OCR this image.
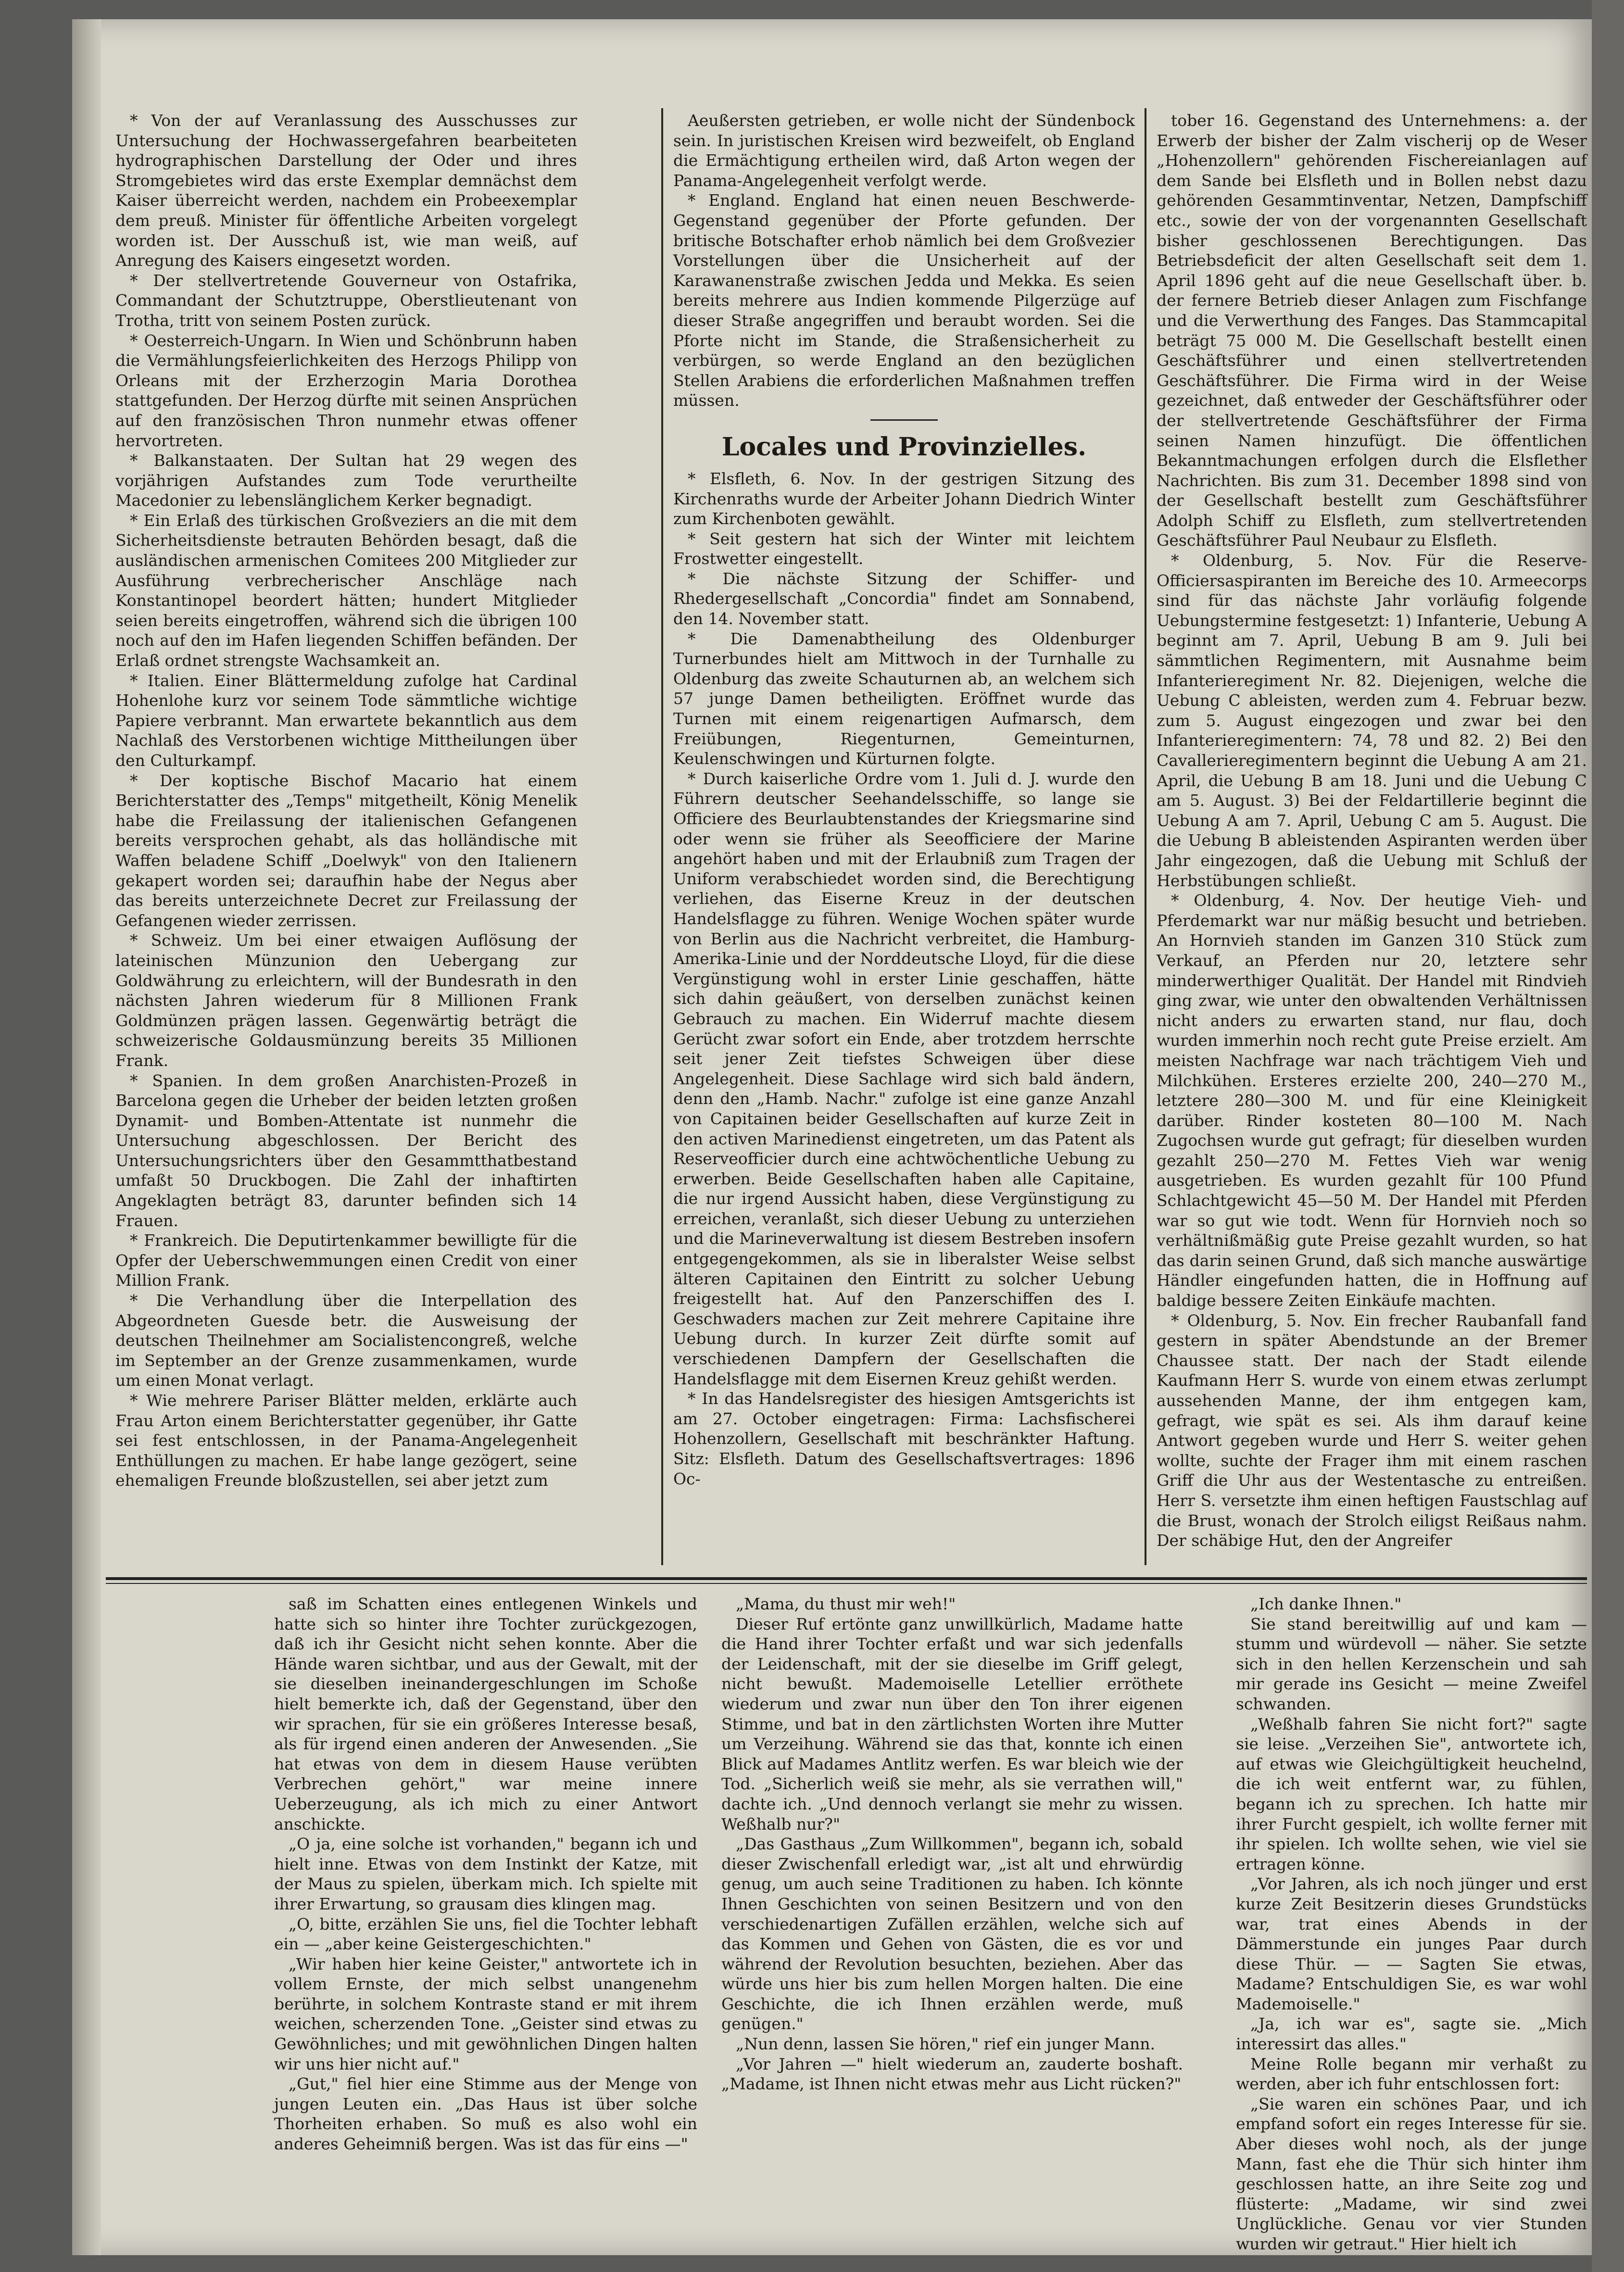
* Von der auf Veranlassung des Ausschusses zur Untersuchung der Hochwassergefahren bearbeiteten hydrographischen Darstellung der Oder und ihres Stromgebietes wird das erste Exemplar demnächst dem Kaiser überreicht werden, nachdem ein Probeexemplar dem preuß. Minister für öffentliche Arbeiten vorgelegt worden ist. Der Ausschuß ist, wie man weiß, auf Anregung des Kaisers eingesetzt worden.

* Der stellvertretende Gouverneur von Ostafrika, Commandant der Schutztruppe, Oberstlieutenant von Trotha, tritt von seinem Posten zurück.

* Oesterreich-Ungarn. In Wien und Schönbrunn haben die Vermählungsfeierlichkeiten des Herzogs Philipp von Orleans mit der Erzherzogin Maria Dorothea stattgefunden. Der Herzog dürfte mit seinen Ansprüchen auf den französischen Thron nunmehr etwas offener hervortreten.

* Balkanstaaten. Der Sultan hat 29 wegen des vorjährigen Aufstandes zum Tode verurtheilte Macedonier zu lebenslänglichem Kerker begnadigt.

* Ein Erlaß des türkischen Großveziers an die mit dem Sicherheitsdienste betrauten Behörden besagt, daß die ausländischen armenischen Comitees 200 Mitglieder zur Ausführung verbrecherischer Anschläge nach Konstantinopel beordert hätten; hundert Mitglieder seien bereits eingetroffen, während sich die übrigen 100 noch auf den im Hafen liegenden Schiffen befänden. Der Erlaß ordnet strengste Wachsamkeit an.

* Italien. Einer Blättermeldung zufolge hat Cardinal Hohenlohe kurz vor seinem Tode sämmtliche wichtige Papiere verbrannt. Man erwartete bekanntlich aus dem Nachlaß des Verstorbenen wichtige Mittheilungen über den Culturkampf.

* Der koptische Bischof Macario hat einem Berichterstatter des „Temps" mitgetheilt, König Menelik habe die Freilassung der italienischen Gefangenen bereits versprochen gehabt, als das holländische mit Waffen beladene Schiff „Doelwyk" von den Italienern gekapert worden sei; daraufhin habe der Negus aber das bereits unterzeichnete Decret zur Freilassung der Gefangenen wieder zerrissen.

* Schweiz. Um bei einer etwaigen Auflösung der lateinischen Münzunion den Uebergang zur Goldwährung zu erleichtern, will der Bundesrath in den nächsten Jahren wiederum für 8 Millionen Frank Goldmünzen prägen lassen. Gegenwärtig beträgt die schweizerische Goldausmünzung bereits 35 Millionen Frank.

* Spanien. In dem großen Anarchisten-Prozeß in Barcelona gegen die Urheber der beiden letzten großen Dynamit- und Bomben-Attentate ist nunmehr die Untersuchung abgeschlossen. Der Bericht des Untersuchungsrichters über den Gesammtthatbestand umfaßt 50 Druckbogen. Die Zahl der inhaftirten Angeklagten beträgt 83, darunter befinden sich 14 Frauen.

* Frankreich. Die Deputirtenkammer bewilligte für die Opfer der Ueberschwemmungen einen Credit von einer Million Frank.

* Die Verhandlung über die Interpellation des Abgeordneten Guesde betr. die Ausweisung der deutschen Theilnehmer am Socialistencongreß, welche im September an der Grenze zusammenkamen, wurde um einen Monat verlagt.

* Wie mehrere Pariser Blätter melden, erklärte auch Frau Arton einem Berichterstatter gegenüber, ihr Gatte sei fest entschlossen, in der Panama-Angelegenheit Enthüllungen zu machen. Er habe lange gezögert, seine ehemaligen Freunde bloßzustellen, sei aber jetzt zum

Aeußersten getrieben, er wolle nicht der Sündenbock sein. In juristischen Kreisen wird bezweifelt, ob England die Ermächtigung ertheilen wird, daß Arton wegen der Panama-Angelegenheit verfolgt werde.

* England. England hat einen neuen Beschwerde-Gegenstand gegenüber der Pforte gefunden. Der britische Botschafter erhob nämlich bei dem Großvezier Vorstellungen über die Unsicherheit auf der Karawanenstraße zwischen Jedda und Mekka. Es seien bereits mehrere aus Indien kommende Pilgerzüge auf dieser Straße angegriffen und beraubt worden. Sei die Pforte nicht im Stande, die Straßensicherheit zu verbürgen, so werde England an den bezüglichen Stellen Arabiens die erforderlichen Maßnahmen treffen müssen.

Locales und Provinzielles.

* Elsfleth, 6. Nov. In der gestrigen Sitzung des Kirchenraths wurde der Arbeiter Johann Diedrich Winter zum Kirchenboten gewählt.

* Seit gestern hat sich der Winter mit leichtem Frostwetter eingestellt.

* Die nächste Sitzung der Schiffer- und Rhedergesellschaft „Concordia" findet am Sonnabend, den 14. November statt.

* Die Damenabtheilung des Oldenburger Turnerbundes hielt am Mittwoch in der Turnhalle zu Oldenburg das zweite Schauturnen ab, an welchem sich 57 junge Damen betheiligten. Eröffnet wurde das Turnen mit einem reigenartigen Aufmarsch, dem Freiübungen, Riegenturnen, Gemeinturnen, Keulenschwingen und Kürturnen folgte.

* Durch kaiserliche Ordre vom 1. Juli d. J. wurde den Führern deutscher Seehandelsschiffe, so lange sie Officiere des Beurlaubtenstandes der Kriegsmarine sind oder wenn sie früher als Seeofficiere der Marine angehört haben und mit der Erlaubniß zum Tragen der Uniform verabschiedet worden sind, die Berechtigung verliehen, das Eiserne Kreuz in der deutschen Handelsflagge zu führen. Wenige Wochen später wurde von Berlin aus die Nachricht verbreitet, die Hamburg-Amerika-Linie und der Norddeutsche Lloyd, für die diese Vergünstigung wohl in erster Linie geschaffen, hätte sich dahin geäußert, von derselben zunächst keinen Gebrauch zu machen. Ein Widerruf machte diesem Gerücht zwar sofort ein Ende, aber trotzdem herrschte seit jener Zeit tiefstes Schweigen über diese Angelegenheit. Diese Sachlage wird sich bald ändern, denn den „Hamb. Nachr." zufolge ist eine ganze Anzahl von Capitainen beider Gesellschaften auf kurze Zeit in den activen Marinedienst eingetreten, um das Patent als Reserveofficier durch eine achtwöchentliche Uebung zu erwerben. Beide Gesellschaften haben alle Capitaine, die nur irgend Aussicht haben, diese Vergünstigung zu erreichen, veranlaßt, sich dieser Uebung zu unterziehen und die Marineverwaltung ist diesem Bestreben insofern entgegengekommen, als sie in liberalster Weise selbst älteren Capitainen den Eintritt zu solcher Uebung freigestellt hat. Auf den Panzerschiffen des I. Geschwaders machen zur Zeit mehrere Capitaine ihre Uebung durch. In kurzer Zeit dürfte somit auf verschiedenen Dampfern der Gesellschaften die Handelsflagge mit dem Eisernen Kreuz gehißt werden.

* In das Handelsregister des hiesigen Amtsgerichts ist am 27. October eingetragen: Firma: Lachsfischerei Hohenzollern, Gesellschaft mit beschränkter Haftung. Sitz: Elsfleth. Datum des Gesellschaftsvertrages: 1896 Oc-

tober 16. Gegenstand des Unternehmens: a. der Erwerb der bisher der Zalm vischerij op de Weser „Hohenzollern" gehörenden Fischereianlagen auf dem Sande bei Elsfleth und in Bollen nebst dazu gehörenden Gesammtinventar, Netzen, Dampfschiff etc., sowie der von der vorgenannten Gesellschaft bisher geschlossenen Berechtigungen. Das Betriebsdeficit der alten Gesellschaft seit dem 1. April 1896 geht auf die neue Gesellschaft über. b. der fernere Betrieb dieser Anlagen zum Fischfange und die Verwerthung des Fanges. Das Stammcapital beträgt 75 000 M. Die Gesellschaft bestellt einen Geschäftsführer und einen stellvertretenden Geschäftsführer. Die Firma wird in der Weise gezeichnet, daß entweder der Geschäftsführer oder der stellvertretende Geschäftsführer der Firma seinen Namen hinzufügt. Die öffentlichen Bekanntmachungen erfolgen durch die Elsflether Nachrichten. Bis zum 31. December 1898 sind von der Gesellschaft bestellt zum Geschäftsführer Adolph Schiff zu Elsfleth, zum stellvertretenden Geschäftsführer Paul Neubaur zu Elsfleth.

* Oldenburg, 5. Nov. Für die Reserve-Officiersaspiranten im Bereiche des 10. Armeecorps sind für das nächste Jahr vorläufig folgende Uebungstermine festgesetzt: 1) Infanterie, Uebung A beginnt am 7. April, Uebung B am 9. Juli bei sämmtlichen Regimentern, mit Ausnahme beim Infanterieregiment Nr. 82. Diejenigen, welche die Uebung C ableisten, werden zum 4. Februar bezw. zum 5. August eingezogen und zwar bei den Infanterieregimentern: 74, 78 und 82. 2) Bei den Cavallerieregimentern beginnt die Uebung A am 21. April, die Uebung B am 18. Juni und die Uebung C am 5. August. 3) Bei der Feldartillerie beginnt die Uebung A am 7. April, Uebung C am 5. August. Die die Uebung B ableistenden Aspiranten werden über Jahr eingezogen, daß die Uebung mit Schluß der Herbstübungen schließt.

* Oldenburg, 4. Nov. Der heutige Vieh- und Pferdemarkt war nur mäßig besucht und betrieben. An Hornvieh standen im Ganzen 310 Stück zum Verkauf, an Pferden nur 20, letztere sehr minderwerthiger Qualität. Der Handel mit Rindvieh ging zwar, wie unter den obwaltenden Verhältnissen nicht anders zu erwarten stand, nur flau, doch wurden immerhin noch recht gute Preise erzielt. Am meisten Nachfrage war nach trächtigem Vieh und Milchkühen. Ersteres erzielte 200, 240—270 M., letztere 280—300 M. und für eine Kleinigkeit darüber. Rinder kosteten 80—100 M. Nach Zugochsen wurde gut gefragt; für dieselben wurden gezahlt 250—270 M. Fettes Vieh war wenig ausgetrieben. Es wurden gezahlt für 100 Pfund Schlachtgewicht 45—50 M. Der Handel mit Pferden war so gut wie todt. Wenn für Hornvieh noch so verhältnißmäßig gute Preise gezahlt wurden, so hat das darin seinen Grund, daß sich manche auswärtige Händler eingefunden hatten, die in Hoffnung auf baldige bessere Zeiten Einkäufe machten.

* Oldenburg, 5. Nov. Ein frecher Raubanfall fand gestern in später Abendstunde an der Bremer Chaussee statt. Der nach der Stadt eilende Kaufmann Herr S. wurde von einem etwas zerlumpt aussehenden Manne, der ihm entgegen kam, gefragt, wie spät es sei. Als ihm darauf keine Antwort gegeben wurde und Herr S. weiter gehen wollte, suchte der Frager ihm mit einem raschen Griff die Uhr aus der Westentasche zu entreißen. Herr S. versetzte ihm einen heftigen Faustschlag auf die Brust, wonach der Strolch eiligst Reißaus nahm. Der schäbige Hut, den der Angreifer

saß im Schatten eines entlegenen Winkels und hatte sich so hinter ihre Tochter zurückgezogen, daß ich ihr Gesicht nicht sehen konnte. Aber die Hände waren sichtbar, und aus der Gewalt, mit der sie dieselben ineinandergeschlungen im Schoße hielt bemerkte ich, daß der Gegenstand, über den wir sprachen, für sie ein größeres Interesse besaß, als für irgend einen anderen der Anwesenden. „Sie hat etwas von dem in diesem Hause verübten Verbrechen gehört," war meine innere Ueberzeugung, als ich mich zu einer Antwort anschickte.

„O ja, eine solche ist vorhanden," begann ich und hielt inne. Etwas von dem Instinkt der Katze, mit der Maus zu spielen, überkam mich. Ich spielte mit ihrer Erwartung, so grausam dies klingen mag.

„O, bitte, erzählen Sie uns, fiel die Tochter lebhaft ein — „aber keine Geistergeschichten."

„Wir haben hier keine Geister," antwortete ich in vollem Ernste, der mich selbst unangenehm berührte, in solchem Kontraste stand er mit ihrem weichen, scherzenden Tone. „Geister sind etwas zu Gewöhnliches; und mit gewöhnlichen Dingen halten wir uns hier nicht auf."

„Gut," fiel hier eine Stimme aus der Menge von jungen Leuten ein. „Das Haus ist über solche Thorheiten erhaben. So muß es also wohl ein anderes Geheimniß bergen. Was ist das für eins —"

„Mama, du thust mir weh!"

Dieser Ruf ertönte ganz unwillkürlich, Madame hatte die Hand ihrer Tochter erfaßt und war sich jedenfalls der Leidenschaft, mit der sie dieselbe im Griff gelegt, nicht bewußt. Mademoiselle Letellier erröthete wiederum und zwar nun über den Ton ihrer eigenen Stimme, und bat in den zärtlichsten Worten ihre Mutter um Verzeihung. Während sie das that, konnte ich einen Blick auf Madames Antlitz werfen. Es war bleich wie der Tod. „Sicherlich weiß sie mehr, als sie verrathen will," dachte ich. „Und dennoch verlangt sie mehr zu wissen. Weßhalb nur?"

„Das Gasthaus „Zum Willkommen", begann ich, sobald dieser Zwischenfall erledigt war, „ist alt und ehrwürdig genug, um auch seine Traditionen zu haben. Ich könnte Ihnen Geschichten von seinen Besitzern und von den verschiedenartigen Zufällen erzählen, welche sich auf das Kommen und Gehen von Gästen, die es vor und während der Revolution besuchten, beziehen. Aber das würde uns hier bis zum hellen Morgen halten. Die eine Geschichte, die ich Ihnen erzählen werde, muß genügen."

„Nun denn, lassen Sie hören," rief ein junger Mann.

„Vor Jahren —" hielt wiederum an, zauderte boshaft. „Madame, ist Ihnen nicht etwas mehr aus Licht rücken?"

„Ich danke Ihnen."

Sie stand bereitwillig auf und kam — stumm und würdevoll — näher. Sie setzte sich in den hellen Kerzenschein und sah mir gerade ins Gesicht — meine Zweifel schwanden.

„Weßhalb fahren Sie nicht fort?" sagte sie leise. „Verzeihen Sie", antwortete ich, auf etwas wie Gleichgültigkeit heuchelnd, die ich weit entfernt war, zu fühlen, begann ich zu sprechen. Ich hatte mir ihrer Furcht gespielt, ich wollte ferner mit ihr spielen. Ich wollte sehen, wie viel sie ertragen könne.

„Vor Jahren, als ich noch jünger und erst kurze Zeit Besitzerin dieses Grundstücks war, trat eines Abends in der Dämmerstunde ein junges Paar durch diese Thür. — — Sagten Sie etwas, Madame? Entschuldigen Sie, es war wohl Mademoiselle."

„Ja, ich war es", sagte sie. „Mich interessirt das alles."

Meine Rolle begann mir verhaßt zu werden, aber ich fuhr entschlossen fort:

„Sie waren ein schönes Paar, und ich empfand sofort ein reges Interesse für sie. Aber dieses wohl noch, als der junge Mann, fast ehe die Thür sich hinter ihm geschlossen hatte, an ihre Seite zog und flüsterte: „Madame, wir sind zwei Unglückliche. Genau vor vier Stunden wurden wir getraut." Hier hielt ich
